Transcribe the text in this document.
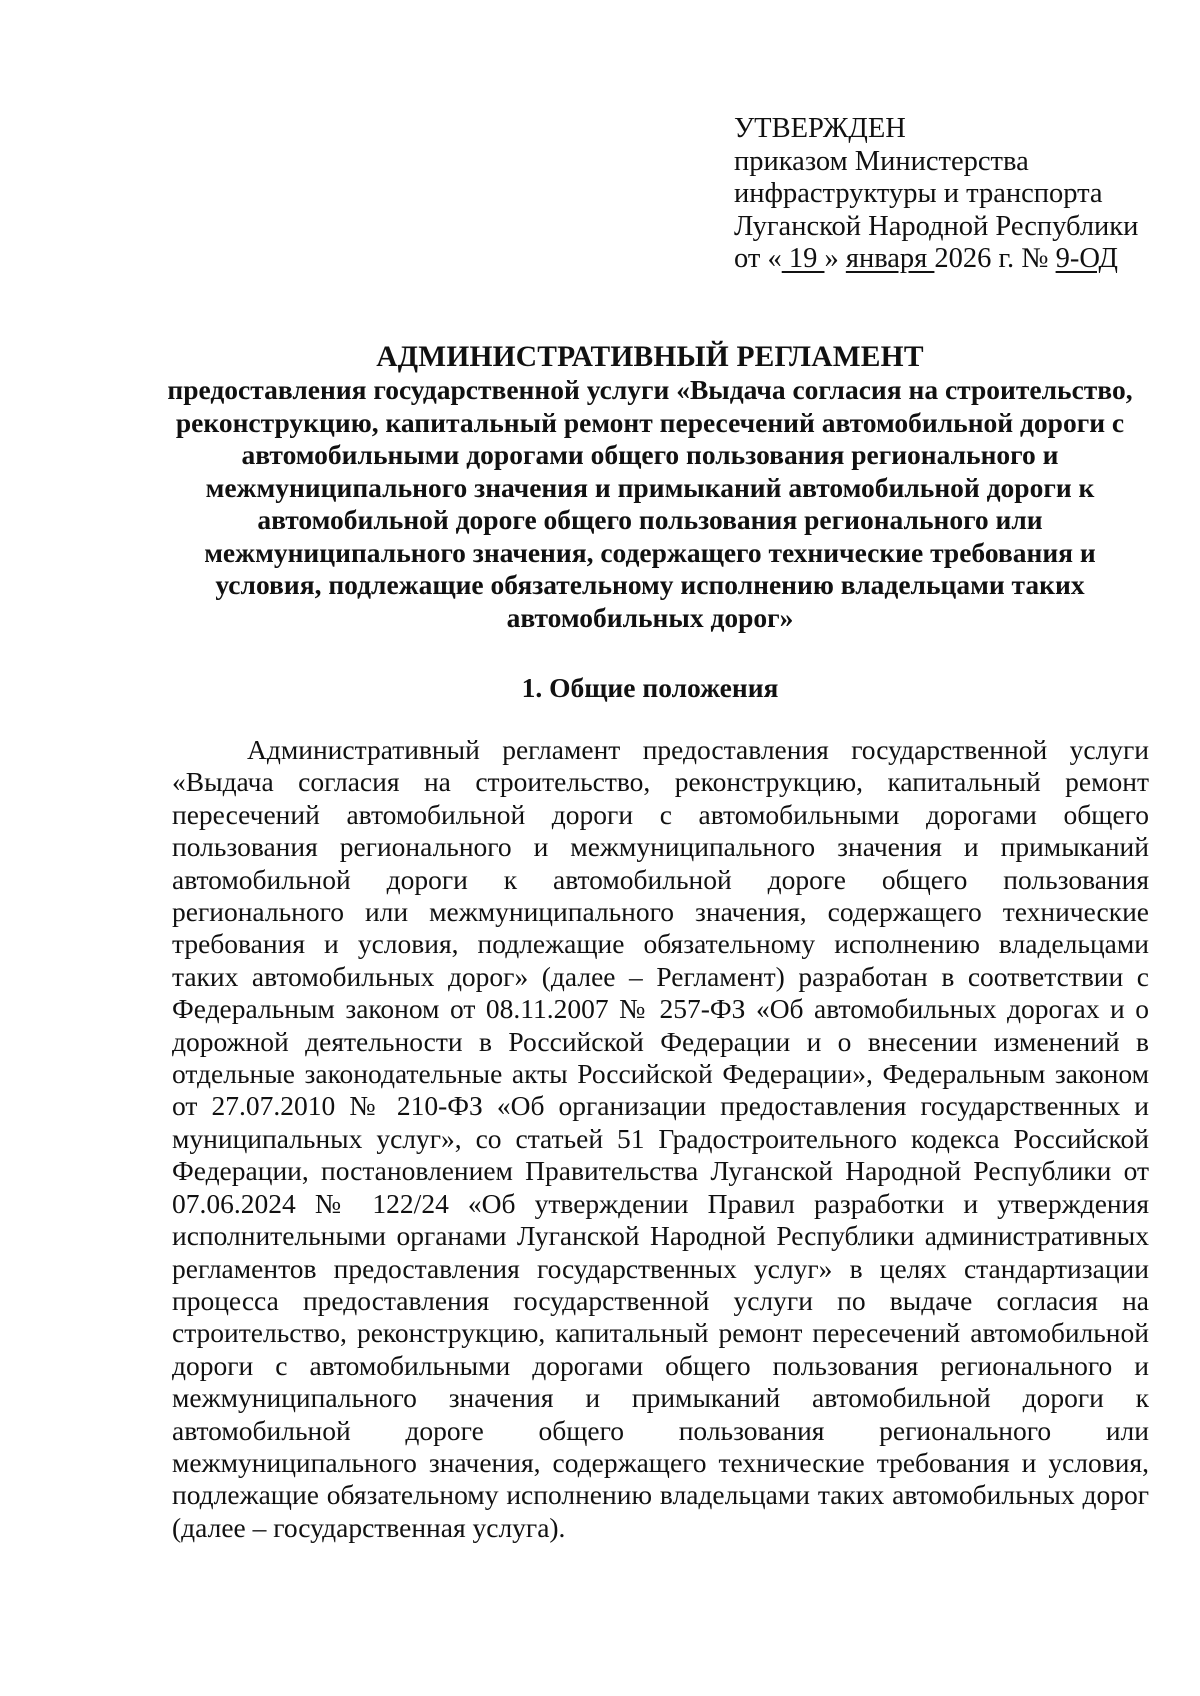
УТВЕРЖДЕН
приказом Министерства
инфраструктуры и транспорта
Луганской Народной Республики
от « 19 » января 2026 г. № 9-ОД
АДМИНИСТРАТИВНЫЙ РЕГЛАМЕНТ
предоставления государственной услуги «Выдача согласия на строительство, реконструкцию, капитальный ремонт пересечений автомобильной дороги с автомобильными дорогами общего пользования регионального и межмуниципального значения и примыканий автомобильной дороги к автомобильной дороге общего пользования регионального или межмуниципального значения, содержащего технические требования и условия, подлежащие обязательному исполнению владельцами таких автомобильных дорог»
1. Общие положения
Административный регламент предоставления государственной услуги «Выдача согласия на строительство, реконструкцию, капитальный ремонт пересечений автомобильной дороги с автомобильными дорогами общего пользования регионального и межмуниципального значения и примыканий автомобильной дороги к автомобильной дороге общего пользования регионального или межмуниципального значения, содержащего технические требования и условия, подлежащие обязательному исполнению владельцами таких автомобильных дорог» (далее – Регламент) разработан в соответствии с Федеральным законом от 08.11.2007 № 257-ФЗ «Об автомобильных дорогах и о дорожной деятельности в Российской Федерации и о внесении изменений в отдельные законодательные акты Российской Федерации», Федеральным законом от 27.07.2010 № 210-ФЗ «Об организации предоставления государственных и муниципальных услуг», со статьей 51 Градостроительного кодекса Российской Федерации, постановлением Правительства Луганской Народной Республики от 07.06.2024 № 122/24 «Об утверждении Правил разработки и утверждения исполнительными органами Луганской Народной Республики административных регламентов предоставления государственных услуг» в целях стандартизации процесса предоставления государственной услуги по выдаче согласия на строительство, реконструкцию, капитальный ремонт пересечений автомобильной дороги с автомобильными дорогами общего пользования регионального и межмуниципального значения и примыканий автомобильной дороги к автомобильной дороге общего пользования регионального или межмуниципального значения, содержащего технические требования и условия, подлежащие обязательному исполнению владельцами таких автомобильных дорог (далее – государственная услуга).
